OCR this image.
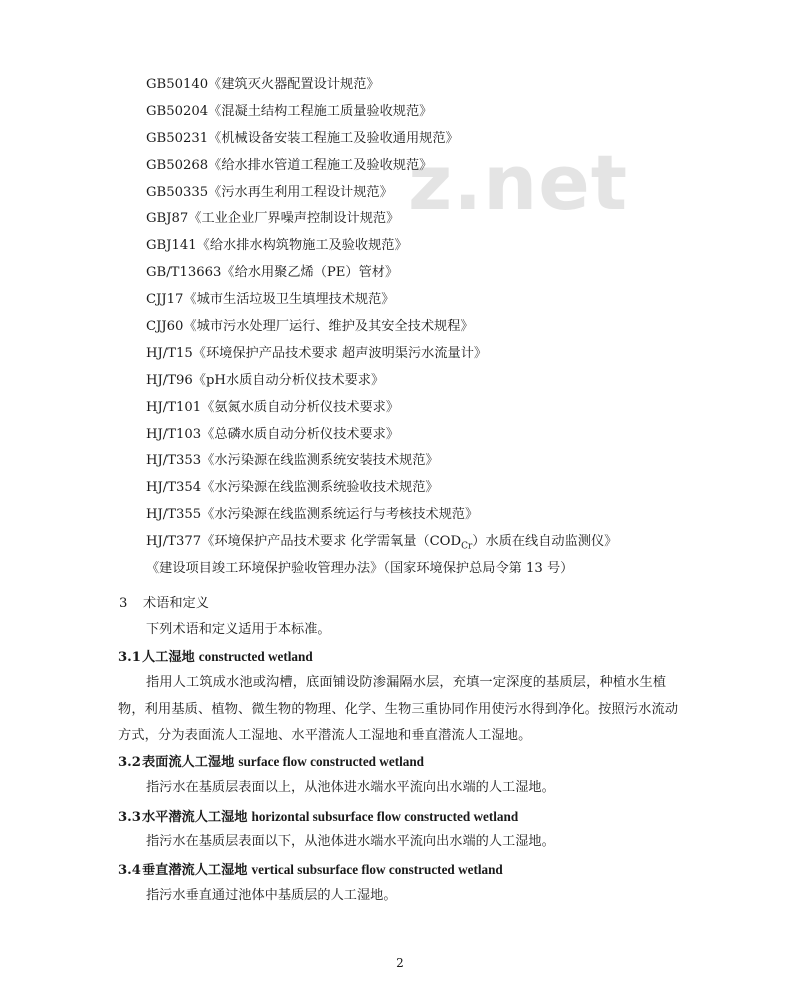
z.net
GB50140《建筑灭火器配置设计规范》
GB50204《混凝土结构工程施工质量验收规范》
GB50231《机械设备安装工程施工及验收通用规范》
GB50268《给水排水管道工程施工及验收规范》
GB50335《污水再生利用工程设计规范》
GBJ87《工业企业厂界噪声控制设计规范》
GBJ141《给水排水构筑物施工及验收规范》
GB/T13663《给水用聚乙烯（PE）管材》
CJJ17《城市生活垃圾卫生填埋技术规范》
CJJ60《城市污水处理厂运行、维护及其安全技术规程》
HJ/T15《环境保护产品技术要求 超声波明渠污水流量计》
HJ/T96《pH水质自动分析仪技术要求》
HJ/T101《氨氮水质自动分析仪技术要求》
HJ/T103《总磷水质自动分析仪技术要求》
HJ/T353《水污染源在线监测系统安装技术规范》
HJ/T354《水污染源在线监测系统验收技术规范》
HJ/T355《水污染源在线监测系统运行与考核技术规范》
HJ/T377《环境保护产品技术要求 化学需氧量$(COD_{Cr})$水质在线自动监测仪》
《建设项目竣工环境保护验收管理办法》（国家环境保护总局令第 13 号）
3 术语和定义
下列术语和定义适用于本标准。
3.1人工湿地 constructed wetland
指用人工筑成水池或沟槽，底面铺设防渗漏隔水层，充填一定深度的基质层，种植水生植物，利用基质、植物、微生物的物理、化学、生物三重协同作用使污水得到净化。按照污水流动方式，分为表面流人工湿地、水平潜流人工湿地和垂直潜流人工湿地。
3.2表面流人工湿地 surface flow constructed wetland
指污水在基质层表面以上，从池体进水端水平流向出水端的人工湿地。
3.3水平潜流人工湿地 horizontal subsurface flow constructed wetland
指污水在基质层表面以下，从池体进水端水平流向出水端的人工湿地。
3.4垂直潜流人工湿地 vertical subsurface flow constructed wetland
指污水垂直通过池体中基质层的人工湿地。
2
